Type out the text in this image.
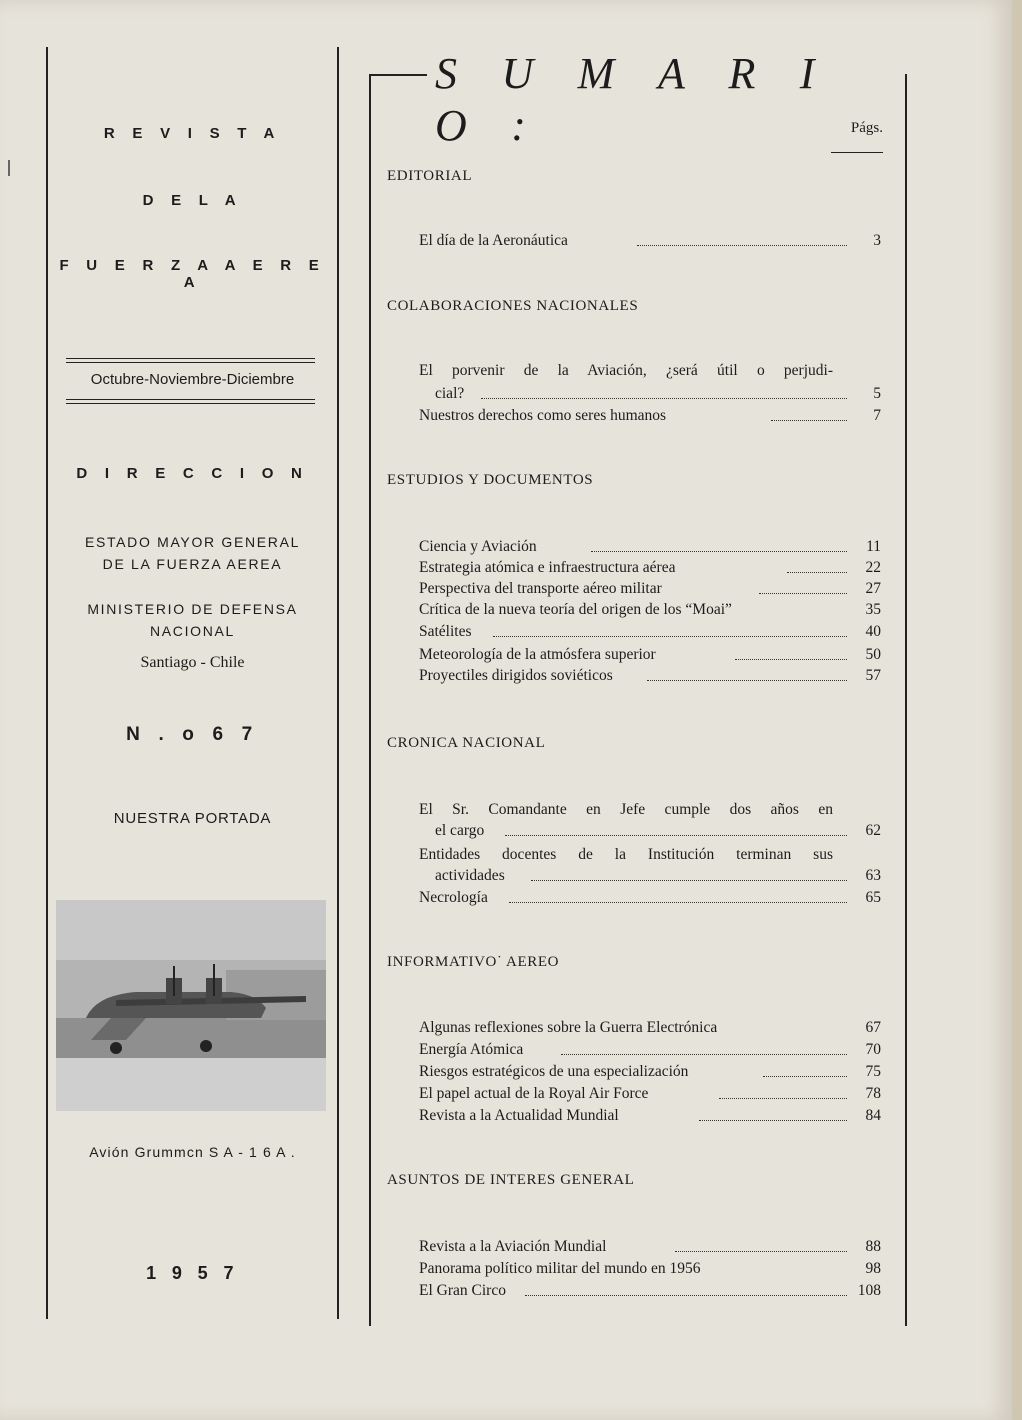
R E V I S T A
D E L A
F U E R Z A A E R E A
Octubre-Noviembre-Diciembre
D I R E C C I O N
ESTADO MAYOR GENERAL
DE LA FUERZA AEREA
MINISTERIO DE DEFENSA
NACIONAL
Santiago - Chile
N . o 6 7
NUESTRA PORTADA
Avión Grummcn S A - 1 6 A .
1 9 5 7
S U M A R I O :	Págs.
EDITORIAL
El día de la Aeronáutica	3
COLABORACIONES NACIONALES
El porvenir de la Aviación, ¿será útil o perjudi-
cial?	5
Nuestros derechos como seres humanos	7
ESTUDIOS Y DOCUMENTOS
Ciencia y Aviación	11
Estrategia atómica e infraestructura aérea	22
Perspectiva del transporte aéreo militar	27
Crítica de la nueva teoría del origen de los “Moai”	35
Satélites	40
Meteorología de la atmósfera superior	50
Proyectiles dirigidos soviéticos	57
CRONICA NACIONAL
El Sr. Comandante en Jefe cumple dos años en
el cargo	62
Entidades docentes de la Institución terminan sus
actividades	63
Necrología	65
INFORMATIVO˙ AEREO
Algunas reflexiones sobre la Guerra Electrónica	67
Energía Atómica	70
Riesgos estratégicos de una especialización	75
El papel actual de la Royal Air Force	78
Revista a la Actualidad Mundial	84
ASUNTOS DE INTERES GENERAL
Revista a la Aviación Mundial	88
Panorama político militar del mundo en 1956	98
El Gran Circo	108
